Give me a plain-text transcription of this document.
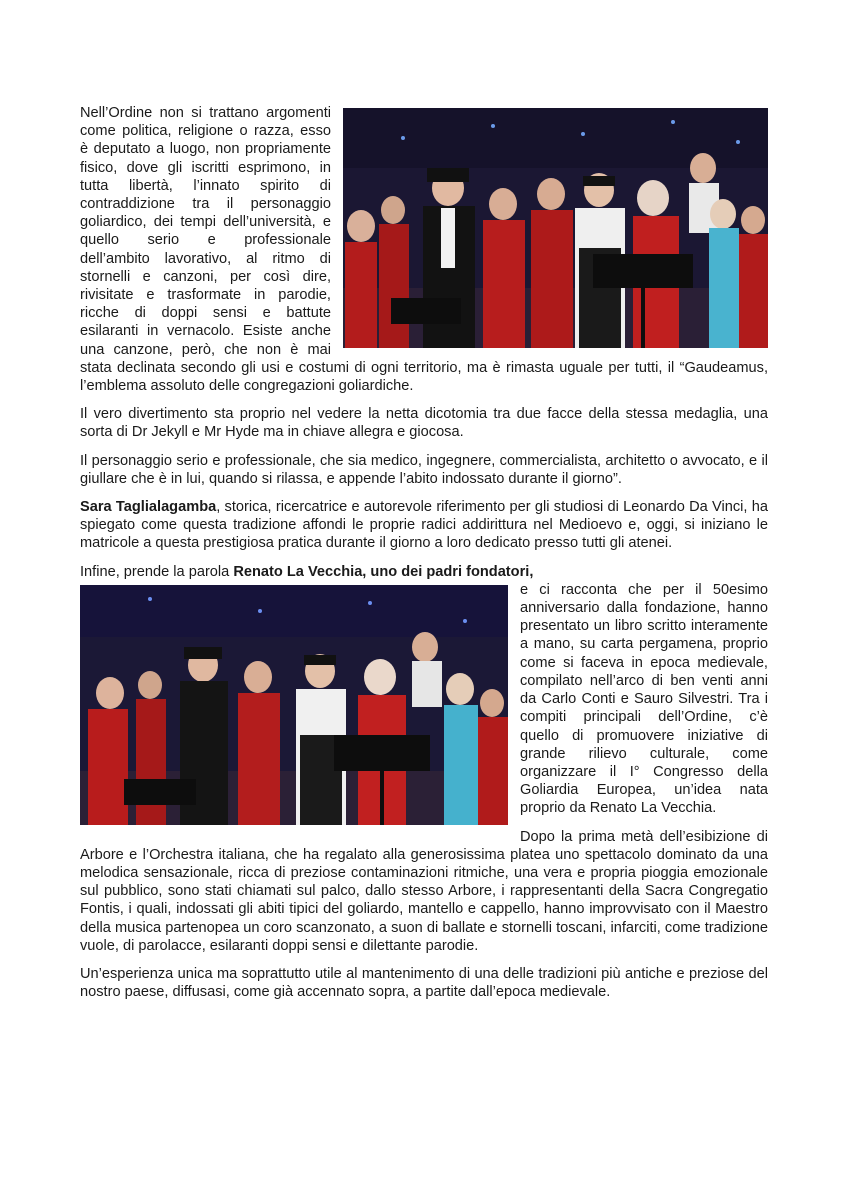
Nell’Ordine non si trattano argomenti come politica, religione o razza, esso è deputato a luogo, non propriamente fisico, dove gli iscritti esprimono, in tutta libertà, l’innato spirito di contraddizione tra il personaggio goliardico, dei tempi dell’università, e quello serio e professionale dell’ambito lavorativo, al ritmo di stornelli e canzoni, per così dire, rivisitate e trasformate in parodie, ricche di doppi sensi e battute esilaranti in vernacolo. Esiste anche una canzone, però, che non è mai stata declinata secondo gli usi e costumi di ogni territorio, ma è rimasta uguale per tutti, il “Gaudeamus, l’emblema assoluto delle congregazioni goliardiche.

Il vero divertimento sta proprio nel vedere la netta dicotomia tra due facce della stessa medaglia, una sorta di Dr Jekyll e Mr Hyde ma in chiave allegra e giocosa.

Il personaggio serio e professionale, che sia medico, ingegnere, commercialista, architetto o avvocato, e il giullare che è in lui, quando si rilassa, e appende l’abito indossato durante il giorno”.

Sara Taglialagamba, storica, ricercatrice e autorevole riferimento per gli studiosi di Leonardo Da Vinci, ha spiegato come questa tradizione affondi le proprie radici addirittura nel Medioevo e, oggi, si iniziano le matricole a questa prestigiosa pratica durante il giorno a loro dedicato presso tutti gli atenei.

Infine, prende la parola Renato La Vecchia, uno dei padri fondatori,

e ci racconta che per il 50esimo anniversario dalla fondazione, hanno presentato un libro scritto interamente a mano, su carta pergamena, proprio come si faceva in epoca medievale, compilato nell’arco di ben venti anni da Carlo Conti e Sauro Silvestri. Tra i compiti principali dell’Ordine, c’è quello di promuovere iniziative di grande rilievo culturale, come organizzare il I° Congresso della Goliardia Europea, un’idea nata proprio da Renato La Vecchia.

Dopo la prima metà dell’esibizione di Arbore e l’Orchestra italiana, che ha regalato alla generosissima platea uno spettacolo dominato da una melodica sensazionale, ricca di preziose contaminazioni ritmiche, una vera e propria pioggia emozionale sul pubblico, sono stati chiamati sul palco, dallo stesso Arbore, i rappresentanti della Sacra Congregatio Fontis, i quali, indossati gli abiti tipici del goliardo, mantello e cappello, hanno improvvisato con il Maestro della musica partenopea un coro scanzonato, a suon di ballate e stornelli toscani, infarciti, come tradizione vuole, di parolacce, esilaranti doppi sensi e dilettante parodie.

Un’esperienza unica ma soprattutto utile al mantenimento di una delle tradizioni più antiche e preziose del nostro paese, diffusasi, come già accennato sopra, a partite dall’epoca medievale.
